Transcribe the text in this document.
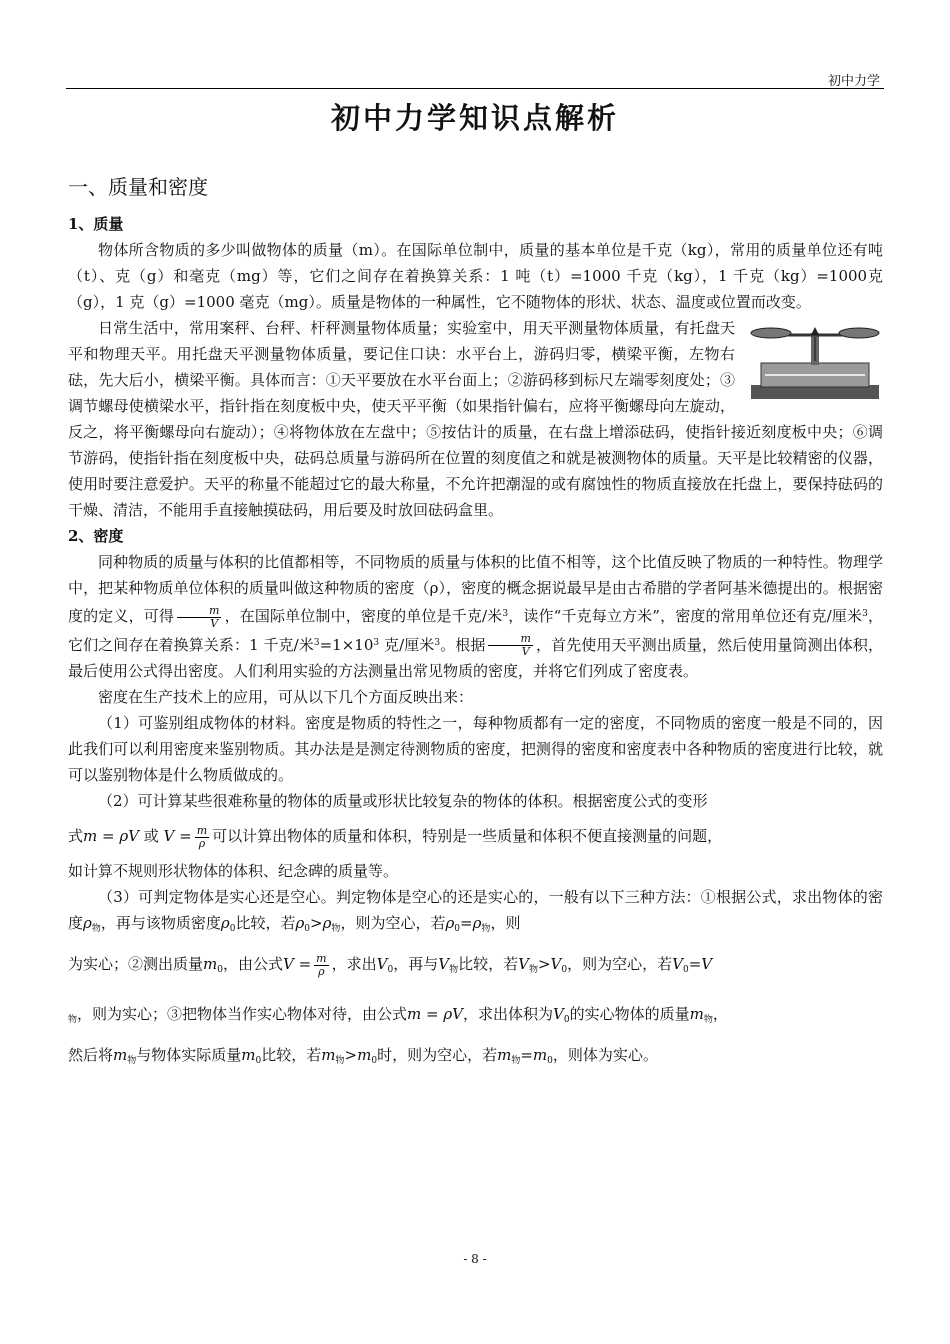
初中力学
初中力学知识点解析
一、质量和密度

1、质量

物体所含物质的多少叫做物体的质量（m）。在国际单位制中，质量的基本单位是千克（kg），常用的质量单位还有吨（t）、克（g）和毫克（mg）等，它们之间存在着换算关系：1 吨（t）=1000 千克（kg），1 千克（kg）=1000克（g），1 克（g）=1000 毫克（mg）。质量是物体的一种属性，它不随物体的形状、状态、温度或位置而改变。

日常生活中，常用案秤、台秤、杆秤测量物体质量；实验室中，用天平测量物体质量，有托盘天平和物理天平。用托盘天平测量物体质量，要记住口诀：水平台上，游码归零，横梁平衡，左物右砝，先大后小，横梁平衡。具体而言：①天平要放在水平台面上；②游码移到标尺左端零刻度处；③调节螺母使横梁水平，指针指在刻度板中央，使天平平衡（如果指针偏右，应将平衡螺母向左旋动，反之，将平衡螺母向右旋动）；④将物体放在左盘中；⑤按估计的质量，在右盘上增添砝码，使指针接近刻度板中央；⑥调节游码，使指针指在刻度板中央，砝码总质量与游码所在位置的刻度值之和就是被测物体的质量。天平是比较精密的仪器，使用时要注意爱护。天平的称量不能超过它的最大称量，不允许把潮湿的或有腐蚀性的物质直接放在托盘上，要保持砝码的干燥、清洁，不能用手直接触摸砝码，用后要及时放回砝码盒里。

2、密度

同种物质的质量与体积的比值都相等，不同物质的质量与体积的比值不相等，这个比值反映了物质的一种特性。物理学中，把某种物质单位体积的质量叫做这种物质的密度（ρ），密度的概念据说最早是由古希腊的学者阿基米德提出的。根据密度的定义，可得 $\frac{m}{V}$ ，在国际单位制中，密度的单位是千克/米$^3$，读作“千克每立方米”，密度的常用单位还有克/厘米$^3$，它们之间存在着换算关系：1 千克/米$^3=1\times 10^3$ 克/厘米$^3$。根据 $\frac{m}{V}$ ，首先使用天平测出质量，然后使用量筒测出体积，最后使用公式得出密度。人们利用实验的方法测量出常见物质的密度，并将它们列成了密度表。

密度在生产技术上的应用，可从以下几个方面反映出来：

（1）可鉴别组成物体的材料。密度是物质的特性之一，每种物质都有一定的密度，不同物质的密度一般是不同的，因此我们可以利用密度来鉴别物质。其办法是是测定待测物质的密度，把测得的密度和密度表中各种物质的密度进行比较，就可以鉴别物体是什么物质做成的。

（2）可计算某些很难称量的物体的质量或形状比较复杂的物体的体积。根据密度公式的变形

式m = ρV 或 $V = \frac{m}{\rho}$ 可以计算出物体的质量和体积，特别是一些质量和体积不便直接测量的问题，

如计算不规则形状物体的体积、纪念碑的质量等。

（3）可判定物体是实心还是空心。判定物体是空心的还是实心的，一般有以下三种方法：①根据公式，求出物体的密度$\rho_物$，再与该物质密度$\rho_0$比较，若$\rho_0>\rho_物$，则为空心，若$\rho_0=\rho_物$，则

为实心；②测出质量$m_0$，由公式$V = \frac{m}{\rho}$ ，求出$V_0$，再与$V_物$比较，若$V_物>V_0$，则为空心，若$V_0=V$

$_物$，则为实心；③把物体当作实心物体对待，由公式m = ρV，求出体积为$V_0$的实心物体的质量$m_物$，

然后将$m_物$与物体实际质量$m_0$比较，若$m_物>m_0$时，则为空心，若$m_物=m_0$，则体为实心。

- 8 -
